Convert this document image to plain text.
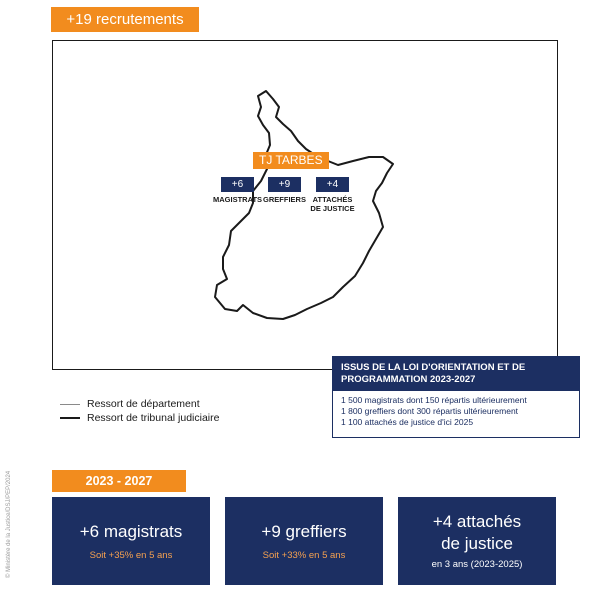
+19 recrutements
TJ TARBES
+6
MAGISTRATS
+9
GREFFIERS
+4
ATTACHÉS
DE JUSTICE
Ressort de département
Ressort de tribunal judiciaire
ISSUS DE LA LOI D'ORIENTATION ET DE
PROGRAMMATION 2023-2027
1 500 magistrats dont 150 répartis ultérieurement
1 800 greffiers dont 300 répartis ultérieurement
1 100 attachés de justice d'ici 2025
© Ministère de la Justice/DSJ/PEP/2024	2023 - 2027
+6 magistrats
Soit +35% en 5 ans
+9 greffiers
Soit +33% en 5 ans
+4 attachés
de justice
en 3 ans (2023-2025)
